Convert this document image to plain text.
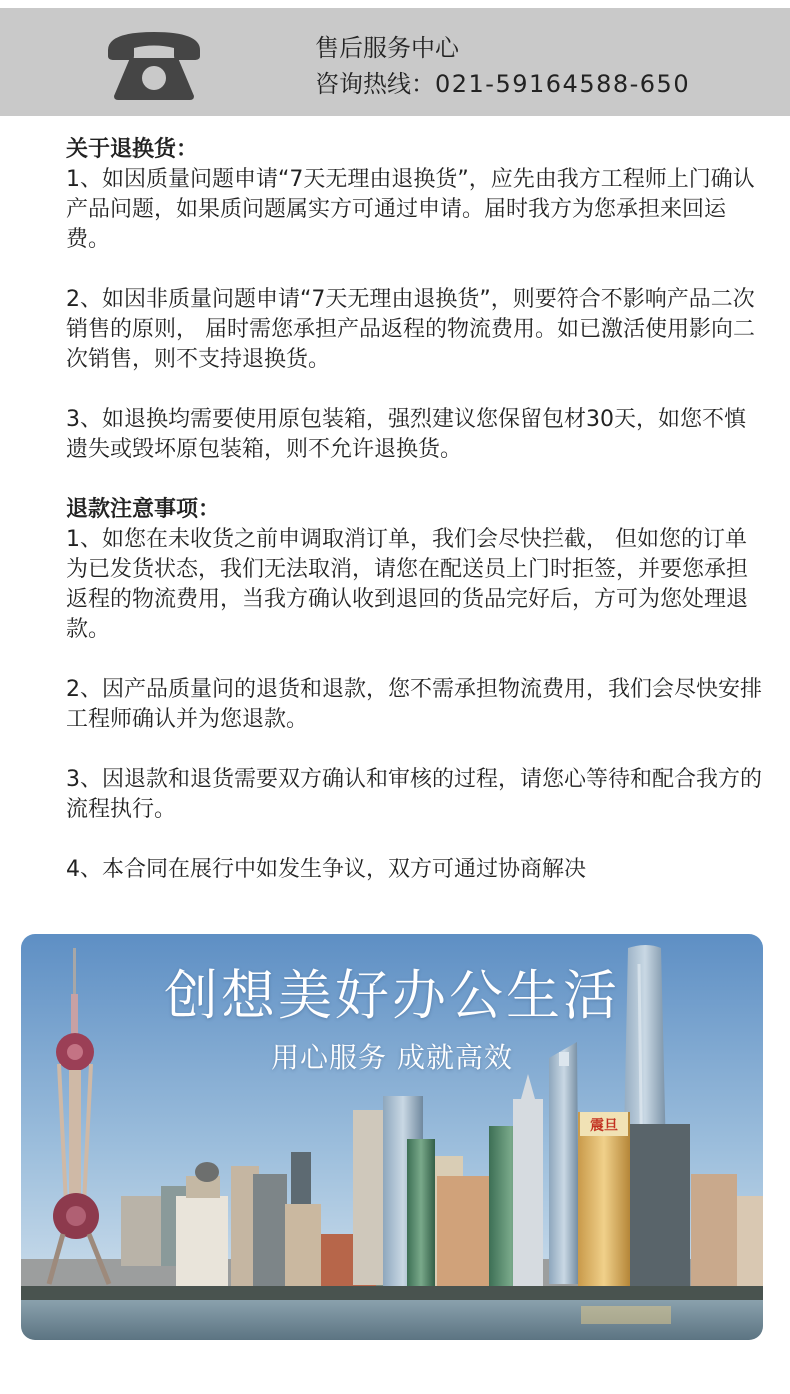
售后服务中心
咨询热线：021-59164588-650

关于退换货：

1、如因质量问题申请“7天无理由退换货”，应先由我方工程师上门确认产品问题，如果质问题属实方可通过申请。届时我方为您承担来回运费。

2、如因非质量问题申请“7天无理由退换货”，则要符合不影响产品二次销售的原则， 届时需您承担产品返程的物流费用。如已激活使用影向二次销售，则不支持退换货。

3、如退换均需要使用原包装箱，强烈建议您保留包材30天，如您不慎遗失或毁坏原包装箱，则不允许退换货。

退款注意事项：

1、如您在未收货之前申调取消订单，我们会尽快拦截， 但如您的订单为已发货状态，我们无法取消，请您在配送员上门时拒签，并要您承担返程的物流费用，当我方确认收到退回的货品完好后，方可为您处理退款。

2、因产品质量问的退货和退款，您不需承担物流费用，我们会尽快安排工程师确认并为您退款。

3、因退款和退货需要双方确认和审核的过程，请您心等待和配合我方的流程执行。

4、本合同在展行中如发生争议，双方可通过协商解决

震旦
创想美好办公生活
用心服务 成就高效
